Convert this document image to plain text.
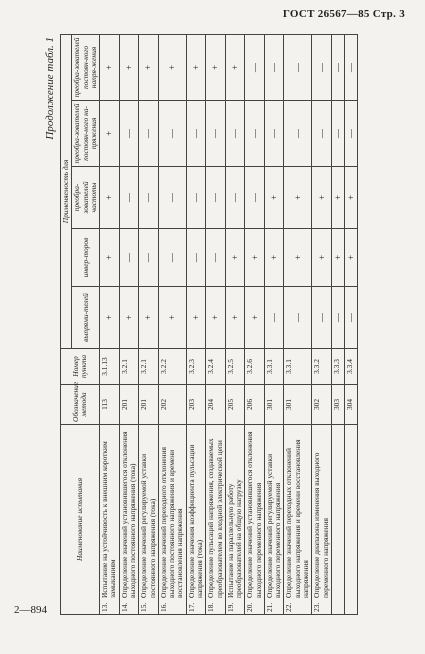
ГОСТ 26567—85 Стр. 3
2—894
Продолжение табл. 1
Наименование испытания	Обозначение метода	Номер пункта	Применяемость для				
			выпрями-телей	инвер-торов	преобра-зователей частоты	преобра-зователей постоян-ного на-пряжения	преобра-зователей постоян-ного напря-жения

13.
Испытание на устойчивость к внешним коротким замыканиям	113	3.1.13	+	+	+	+	+

14.
Определение значений установившегося отклонения выходного постоянного напряжения (тока)	201	3.2.1	+	—	—	—	+

15.
Определение значений регулируемой уставки постоянного напряжения (тока)	201	3.2.1	+	—	—	—	+

16.
Определение значений переходного отклонения выходного постоянного напряжения и времени восстановления напряжения	202	3.2.2	+	—	—	—	+

17.
Определение значения коэффициента пульсации напряжения (тока)	203	3.2.3	+	—	—	—	+

18.
Определение пульсаций напряжения, создаваемых преобразователем во входной электрической цепи	204	3.2.4	+	—	—	—	+

19.
Испытание на параллельную работу преобразователей на общую нагрузку	205	3.2.5	+	+	—	—	+

20.
Определение значений установившегося отклонения выходного переменного напряжения	206	3.2.6	+	+	—	—	—

21.
Определение значений регулируемой уставки выходного переменного напряжения	301	3.3.1	—	+	+	—	—

22.
Определение значений переходных отклонений выходного напряжения и времени восстановления напряжения	301	3.3.1	—	+	+	—	—

23.
Определение диапазона изменения выходного переменного напряжения	302	3.3.2	—	+	+	—	—

	303	3.3.3	—	+	+	—	—

	304	3.3.4	—	+	+	—	—
